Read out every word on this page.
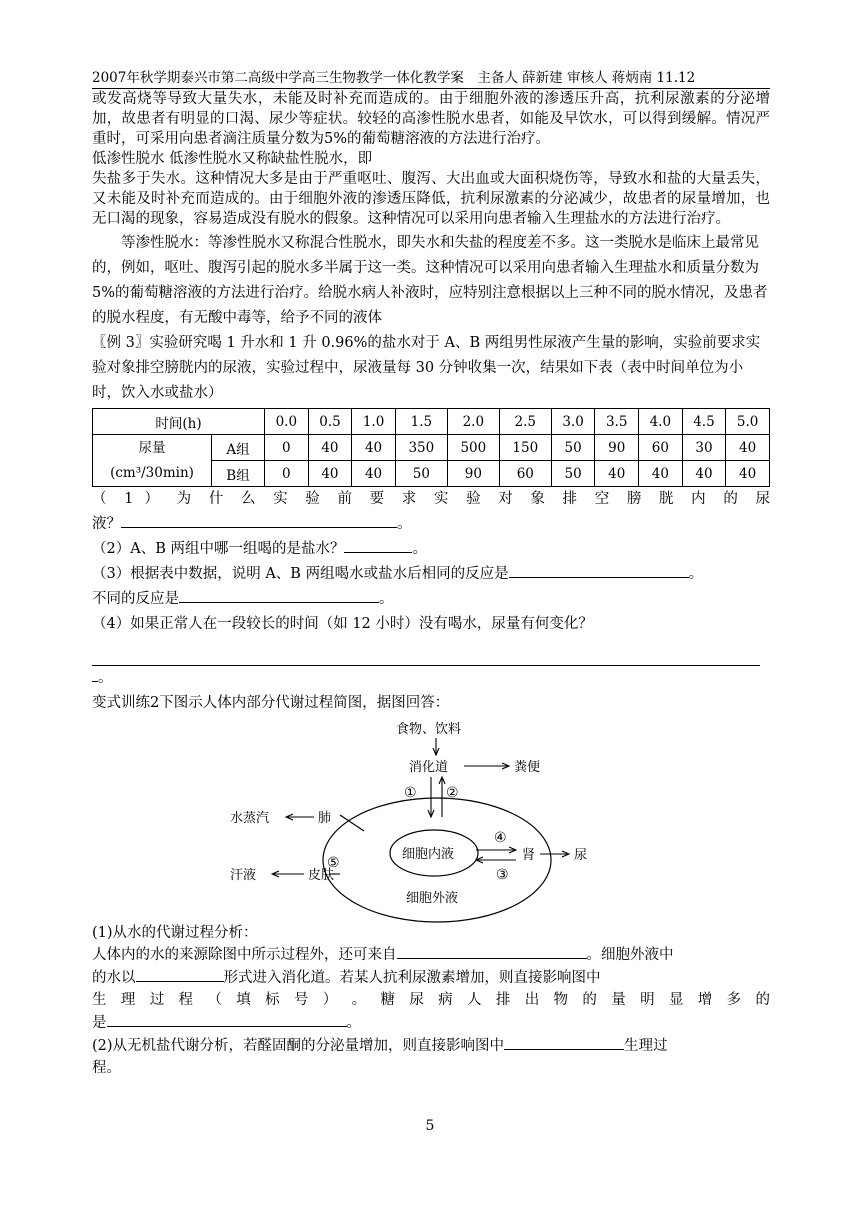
2007年秋学期泰兴市第二高级中学高三生物教学一体化教学案　主备人 薛新建 审核人 蒋炳南 11.12
或发高烧等导致大量失水，未能及时补充而造成的。由于细胞外液的渗透压升高，抗利尿激素的分泌增加，故患者有明显的口渴、尿少等症状。较轻的高渗性脱水患者，如能及早饮水，可以得到缓解。情况严重时，可采用向患者滴注质量分数为5%的葡萄糖溶液的方法进行治疗。
低渗性脱水 低渗性脱水又称缺盐性脱水，即
失盐多于失水。这种情况大多是由于严重呕吐、腹泻、大出血或大面积烧伤等，导致水和盐的大量丢失，又未能及时补充而造成的。由于细胞外液的渗透压降低，抗利尿激素的分泌减少，故患者的尿量增加，也无口渴的现象，容易造成没有脱水的假象。这种情况可以采用向患者输入生理盐水的方法进行治疗。
等渗性脱水：等渗性脱水又称混合性脱水，即失水和失盐的程度差不多。这一类脱水是临床上最常见的，例如，呕吐、腹泻引起的脱水多半属于这一类。这种情况可以采用向患者输入生理盐水和质量分数为5%的葡萄糖溶液的方法进行治疗。给脱水病人补液时，应特别注意根据以上三种不同的脱水情况，及患者的脱水程度，有无酸中毒等，给予不同的液体
〖例 3〗实验研究喝 1 升水和 1 升 0.96%的盐水对于 A、B 两组男性尿液产生量的影响，实验前要求实验对象排空膀胱内的尿液，实验过程中，尿液量每 30 分钟收集一次，结果如下表（表中时间单位为小时，饮入水或盐水）
时间(h)		0.0	0.5	1.0	1.5	2.0	2.5	3.0	3.5	4.0	4.5	5.0

尿量
(cm³/30min)	A组	0	40	40	350	500	150	50	90	60	30	40
	B组	0	40	40	50	90	60	50	40	40	40	40
（ 1 ） 为 什 么 实 验 前 要 求 实 验 对 象 排 空 膀 胱 内 的 尿
液？	。
（2）A、B 两组中哪一组喝的是盐水？	。
（3）根据表中数据，说明 A、B 两组喝水或盐水后相同的反应是	。
不同的反应是	。
（4）如果正常人在一段较长的时间（如 12 小时）没有喝水，尿量有何变化？
。
变式训练2下图示人体内部分代谢过程简图，据图回答：
食物、饮料
消化道	粪便
① ②
细胞内液
细胞外液
水蒸汽	肺
④
③
肾	尿
汗液	皮肤
⑤
(1)从水的代谢过程分析：
人体内的水的来源除图中所示过程外，还可来自	。细胞外液中
的水以	形式进入消化道。若某人抗利尿激素增加，则直接影响图中
生 理 过 程 （ 填 标 号 ） 。 糖 尿 病 人 排 出 物 的 量 明 显 增 多 的
是	。
(2)从无机盐代谢分析，若醛固酮的分泌量增加，则直接影响图中	生理过
程。
5
